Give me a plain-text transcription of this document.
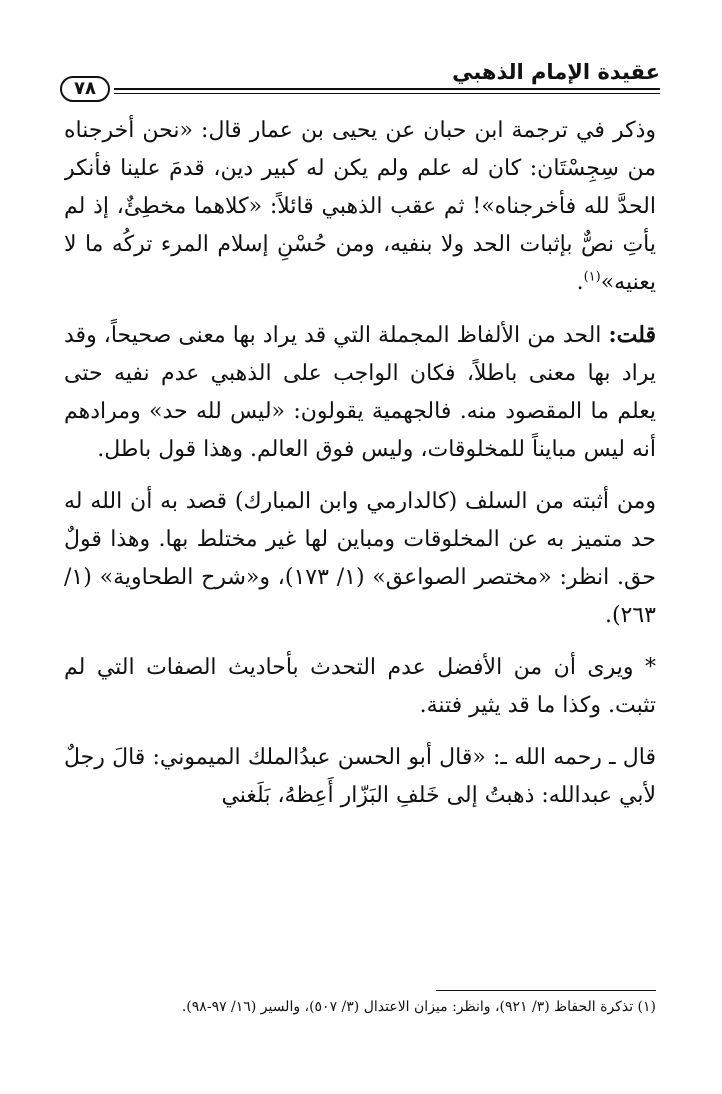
عقيدة الإمام الذهبي
٧٨

وذكر في ترجمة ابن حبان عن يحيى بن عمار قال: «نحن أخرجناه من سِجِسْتَان: كان له علم ولم يكن له كبير دين، قدمَ علينا فأنكر الحدَّ لله فأخرجناه»! ثم عقب الذهبي قائلاً: «كلاهما مخطِئٌ، إذ لم يأتِ نصٌّ بإثبات الحد ولا بنفيه، ومن حُسْنِ إسلام المرء تركُه ما لا يعنيه»$^{(١)}$.

قلت: الحد من الألفاظ المجملة التي قد يراد بها معنى صحيحاً، وقد يراد بها معنى باطلاً، فكان الواجب على الذهبي عدم نفيه حتى يعلم ما المقصود منه. فالجهمية يقولون: «ليس لله حد» ومرادهم أنه ليس مبايناً للمخلوقات، وليس فوق العالم. وهذا قول باطل.

ومن أثبته من السلف (كالدارمي وابن المبارك) قصد به أن الله له حد متميز به عن المخلوقات ومباين لها غير مختلط بها. وهذا قولٌ حق. انظر: «مختصر الصواعق» (١/ ١٧٣)، و«شرح الطحاوية» (١/ ٢٦٣).

* ويرى أن من الأفضل عدم التحدث بأحاديث الصفات التي لم تثبت. وكذا ما قد يثير فتنة.

قال ـ رحمه الله ـ: «قال أبو الحسن عبدُالملك الميموني: قالَ رجلٌ لأبي عبدالله: ذهبتُ إلى خَلفِ البَزّار أَعِظهُ، بَلَغني

(١) تذكرة الحفاظ (٣/ ٩٢١)، وانظر: ميزان الاعتدال (٣/ ٥٠٧)، والسير (١٦/ ٩٧-٩٨).
